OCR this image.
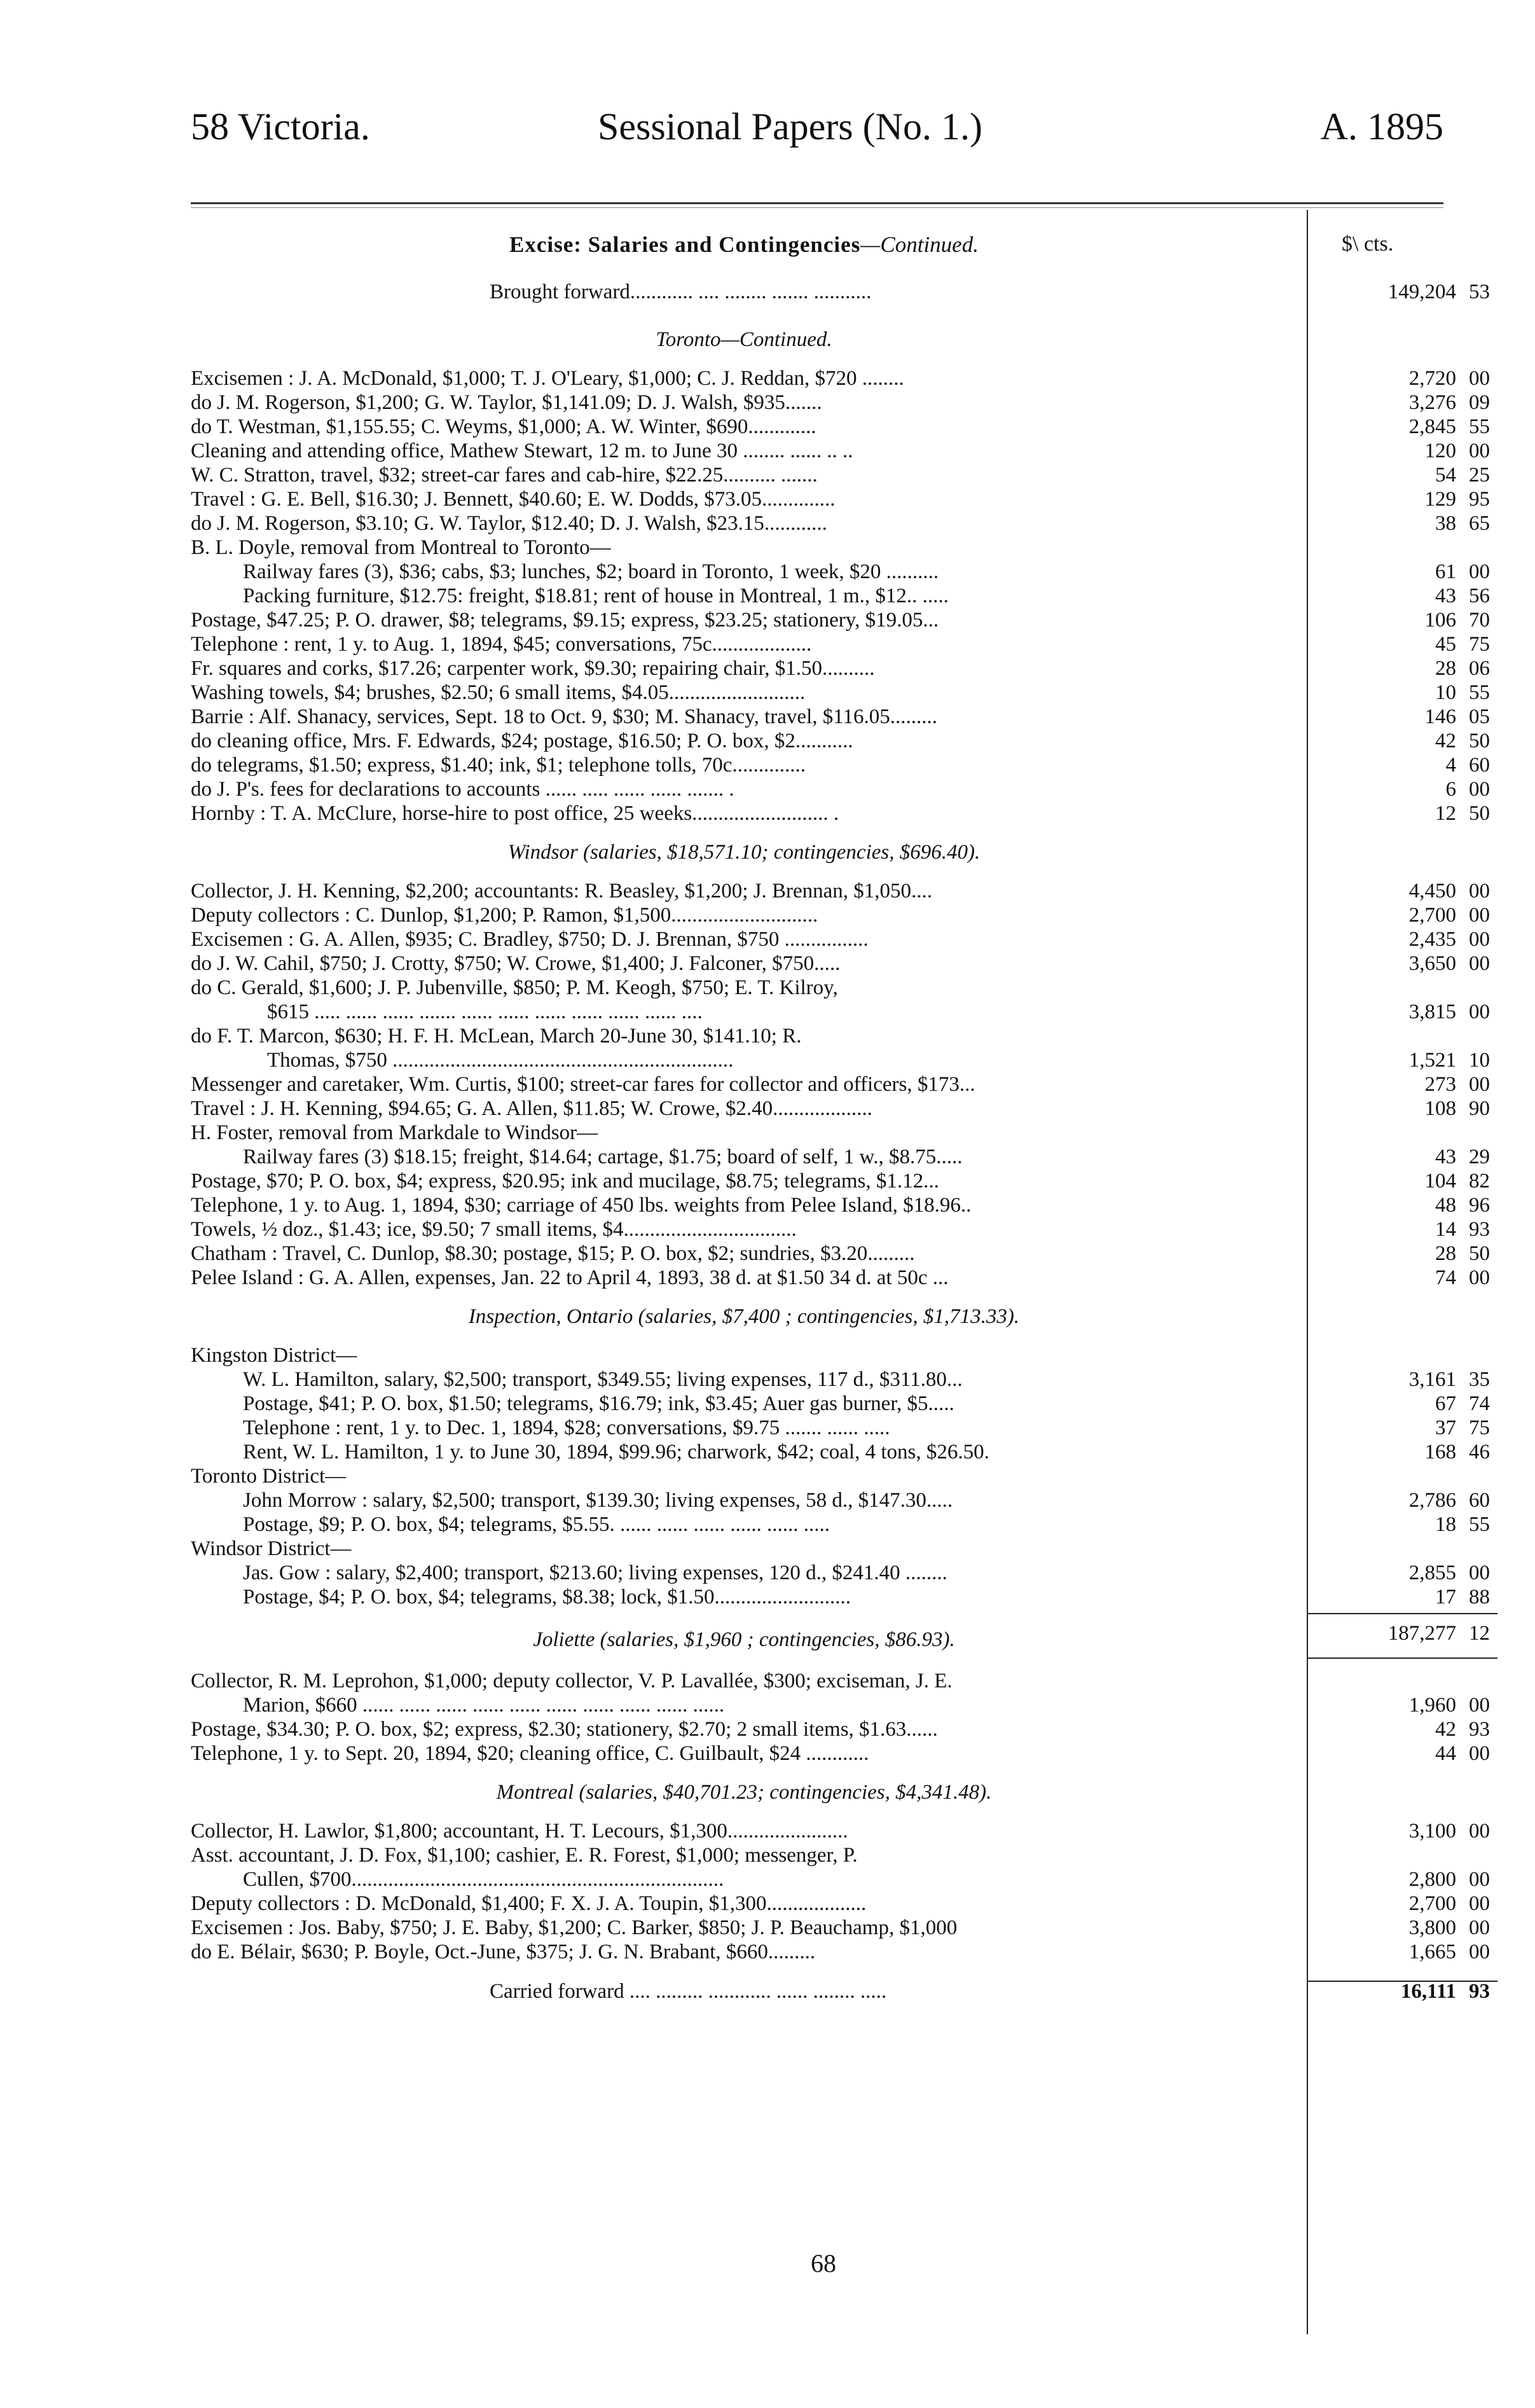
58 Victoria.	Sessional Papers (No. 1.)	A. 1895
Excise: Salaries and Contingencies—Continued.	$\ cts.
Brought forward............ .... ........ ....... ...........	149,204 53
Toronto—Continued.
Excisemen : J. A. McDonald, $1,000; T. J. O'Leary, $1,000; C. J. Reddan, $720 ........	2,720 00
do J. M. Rogerson, $1,200; G. W. Taylor, $1,141.09; D. J. Walsh, $935.......	3,276 09
do T. Westman, $1,155.55; C. Weyms, $1,000; A. W. Winter, $690.............	2,845 55
Cleaning and attending office, Mathew Stewart, 12 m. to June 30 ........ ...... .. ..	120 00
W. C. Stratton, travel, $32; street-car fares and cab-hire, $22.25.......... .......	54 25
Travel : G. E. Bell, $16.30; J. Bennett, $40.60; E. W. Dodds, $73.05..............	129 95
do J. M. Rogerson, $3.10; G. W. Taylor, $12.40; D. J. Walsh, $23.15............	38 65
B. L. Doyle, removal from Montreal to Toronto—
Railway fares (3), $36; cabs, $3; lunches, $2; board in Toronto, 1 week, $20 ..........	61 00
Packing furniture, $12.75: freight, $18.81; rent of house in Montreal, 1 m., $12.. .....	43 56
Postage, $47.25; P. O. drawer, $8; telegrams, $9.15; express, $23.25; stationery, $19.05...	106 70
Telephone : rent, 1 y. to Aug. 1, 1894, $45; conversations, 75c...................	45 75
Fr. squares and corks, $17.26; carpenter work, $9.30; repairing chair, $1.50..........	28 06
Washing towels, $4; brushes, $2.50; 6 small items, $4.05..........................	10 55
Barrie : Alf. Shanacy, services, Sept. 18 to Oct. 9, $30; M. Shanacy, travel, $116.05.........	146 05
do cleaning office, Mrs. F. Edwards, $24; postage, $16.50; P. O. box, $2...........	42 50
do telegrams, $1.50; express, $1.40; ink, $1; telephone tolls, 70c..............	4 60
do J. P's. fees for declarations to accounts ...... ..... ...... ...... ....... .	6 00
Hornby : T. A. McClure, horse-hire to post office, 25 weeks.......................... .	12 50
Windsor (salaries, $18,571.10; contingencies, $696.40).
Collector, J. H. Kenning, $2,200; accountants: R. Beasley, $1,200; J. Brennan, $1,050....	4,450 00
Deputy collectors : C. Dunlop, $1,200; P. Ramon, $1,500............................	2,700 00
Excisemen : G. A. Allen, $935; C. Bradley, $750; D. J. Brennan, $750 ................	2,435 00
do J. W. Cahil, $750; J. Crotty, $750; W. Crowe, $1,400; J. Falconer, $750.....	3,650 00
do C. Gerald, $1,600; J. P. Jubenville, $850; P. M. Keogh, $750; E. T. Kilroy,
$615 ..... ...... ...... ....... ...... ...... ...... ...... ...... ...... ....	3,815 00
do F. T. Marcon, $630; H. F. H. McLean, March 20-June 30, $141.10; R.
Thomas, $750 .................................................................	1,521 10
Messenger and caretaker, Wm. Curtis, $100; street-car fares for collector and officers, $173...	273 00
Travel : J. H. Kenning, $94.65; G. A. Allen, $11.85; W. Crowe, $2.40...................	108 90
H. Foster, removal from Markdale to Windsor—
Railway fares (3) $18.15; freight, $14.64; cartage, $1.75; board of self, 1 w., $8.75.....	43 29
Postage, $70; P. O. box, $4; express, $20.95; ink and mucilage, $8.75; telegrams, $1.12...	104 82
Telephone, 1 y. to Aug. 1, 1894, $30; carriage of 450 lbs. weights from Pelee Island, $18.96..	48 96
Towels, ½ doz., $1.43; ice, $9.50; 7 small items, $4.................................	14 93
Chatham : Travel, C. Dunlop, $8.30; postage, $15; P. O. box, $2; sundries, $3.20.........	28 50
Pelee Island : G. A. Allen, expenses, Jan. 22 to April 4, 1893, 38 d. at $1.50 34 d. at 50c ...	74 00
Inspection, Ontario (salaries, $7,400 ; contingencies, $1,713.33).
Kingston District—
W. L. Hamilton, salary, $2,500; transport, $349.55; living expenses, 117 d., $311.80...	3,161 35
Postage, $41; P. O. box, $1.50; telegrams, $16.79; ink, $3.45; Auer gas burner, $5.....	67 74
Telephone : rent, 1 y. to Dec. 1, 1894, $28; conversations, $9.75 ....... ...... .....	37 75
Rent, W. L. Hamilton, 1 y. to June 30, 1894, $99.96; charwork, $42; coal, 4 tons, $26.50.	168 46
Toronto District—
John Morrow : salary, $2,500; transport, $139.30; living expenses, 58 d., $147.30.....	2,786 60
Postage, $9; P. O. box, $4; telegrams, $5.55. ...... ...... ...... ...... ...... .....	18 55
Windsor District—
Jas. Gow : salary, $2,400; transport, $213.60; living expenses, 120 d., $241.40 ........	2,855 00
Postage, $4; P. O. box, $4; telegrams, $8.38; lock, $1.50..........................	17 88
187,277 12
Joliette (salaries, $1,960 ; contingencies, $86.93).
Collector, R. M. Leprohon, $1,000; deputy collector, V. P. Lavallée, $300; exciseman, J. E.
Marion, $660 ...... ...... ...... ...... ...... ...... ...... ...... ...... ......	1,960 00
Postage, $34.30; P. O. box, $2; express, $2.30; stationery, $2.70; 2 small items, $1.63......	42 93
Telephone, 1 y. to Sept. 20, 1894, $20; cleaning office, C. Guilbault, $24 ............	44 00
Montreal (salaries, $40,701.23; contingencies, $4,341.48).
Collector, H. Lawlor, $1,800; accountant, H. T. Lecours, $1,300.......................	3,100 00
Asst. accountant, J. D. Fox, $1,100; cashier, E. R. Forest, $1,000; messenger, P.
Cullen, $700.......................................................................	2,800 00
Deputy collectors : D. McDonald, $1,400; F. X. J. A. Toupin, $1,300...................	2,700 00
Excisemen : Jos. Baby, $750; J. E. Baby, $1,200; C. Barker, $850; J. P. Beauchamp, $1,000	3,800 00
do E. Bélair, $630; P. Boyle, Oct.-June, $375; J. G. N. Brabant, $660.........	1,665 00
Carried forward .... ......... ............ ...... ........ .....	16,111 93
68
